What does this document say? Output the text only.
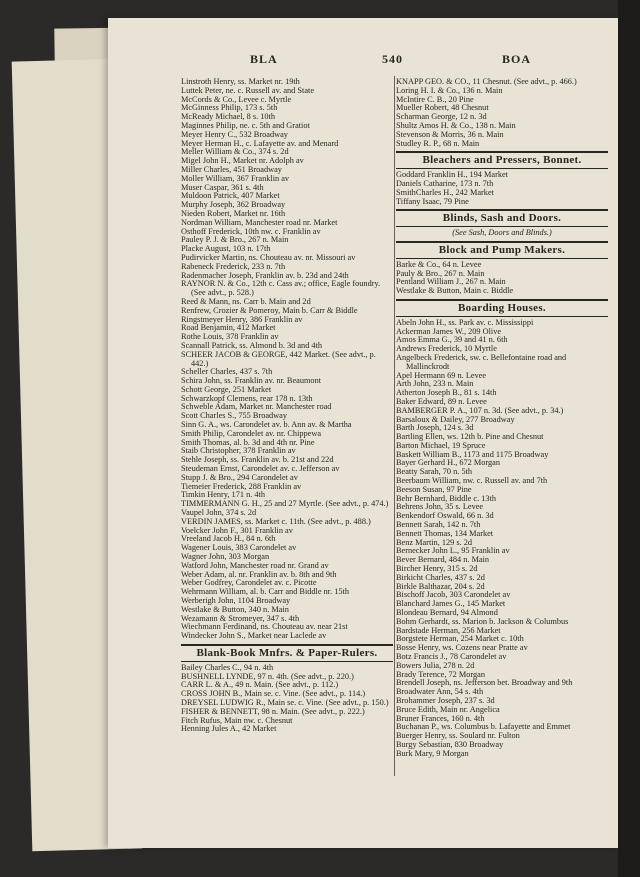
BLA	540	BOA
Linstroth Henry, ss. Market nr. 19th
Luttek Peter, ne. c. Russell av. and State
McCords & Co., Levee c. Myrtle
McGinness Philip, 173 s. 5th
McReady Michael, 8 s. 10th
Maginnes Philip, ne. c. 5th and Gratiot
Meyer Henry C., 532 Broadway
Meyer Herman H., c. Lafayette av. and Menard
Meller William & Co., 374 s. 2d
Migel John H., Market nr. Adolph av
Miller Charles, 451 Broadway
Moller William, 367 Franklin av
Muser Caspar, 361 s. 4th
Muldoon Patrick, 407 Market
Murphy Joseph, 362 Broadway
Nieden Robert, Market nr. 16th
Nordman William, Manchester road nr. Market
Osthoff Frederick, 10th nw. c. Franklin av
Pauley P. J. & Bro., 267 n. Main
Placke August, 103 n. 17th
Pudirvicker Martin, ns. Chouteau av. nr. Missouri av
Rabeneck Frederick, 233 n. 7th
Radenmacher Joseph, Franklin av. b. 23d and 24th
RAYNOR N. & Co., 12th c. Cass av.; office, Eagle foundry. (See advt., p. 528.)
Reed & Mann, ns. Carr b. Main and 2d
Renfrew, Crozier & Pomeroy, Main b. Carr & Biddle
Ringstmeyer Henry, 386 Franklin av
Road Benjamin, 412 Market
Rothe Louis, 378 Franklin av
Scannall Patrick, ss. Almond b. 3d and 4th
SCHEER JACOB & GEORGE, 442 Market. (See advt., p. 442.)
Scheller Charles, 437 s. 7th
Schira John, ss. Franklin av. nr. Beaumont
Schott George, 251 Market
Schwarzkopf Clemens, rear 178 n. 13th
Schweble Adam, Market nr. Manchester road
Scott Charles S., 755 Broadway
Sinn G. A., ws. Carondelet av. b. Ann av. & Martha
Smith Philip, Carondelet av. nr. Chippewa
Smith Thomas, al. b. 3d and 4th nr. Pine
Staib Christopher, 378 Franklin av
Stehle Joseph, ss. Franklin av. b. 21st and 22d
Steudeman Ernst, Carondelet av. c. Jefferson av
Stupp J. & Bro., 294 Carondelet av
Tiemeier Frederick, 288 Franklin av
Timkin Henry, 171 n. 4th
TIMMERMANN G. H., 25 and 27 Myrtle. (See advt., p. 474.)
Vaupel John, 374 s. 2d
VERDIN JAMES, ss. Market c. 11th. (See advt., p. 488.)
Voelcker John F., 301 Franklin av
Vreeland Jacob H., 84 n. 6th
Wagener Louis, 383 Carondelet av
Wagner John, 303 Morgan
Watford John, Manchester road nr. Grand av
Weber Adam, al. nr. Franklin av. b. 8th and 9th
Weber Godfrey, Carondelet av. c. Picotte
Wehrmann William, al. b. Carr and Biddle nr. 15th
Werberigh John, 1104 Broadway
Westlake & Button, 340 n. Main
Wezamann & Stromeyer, 347 s. 4th
Wiechmann Ferdinand, ns. Chouteau av. near 21st
Windecker John S., Market near Laclede av
Blank-Book Mnfrs. & Paper-Rulers.
Bailey Charles C., 94 n. 4th
BUSHNELL LYNDE, 97 n. 4th. (See advt., p. 220.)
CARR L. & A., 49 n. Main. (See advt., p. 112.)
CROSS JOHN B., Main se. c. Vine. (See advt., p. 114.)
DREYSEL LUDWIG R., Main se. c. Vine. (See advt., p. 150.)
FISHER & BENNETT, 98 n. Main. (See advt., p. 222.)
Fitch Rufus, Main nw. c. Chesnut
Henning Jules A., 42 Market
KNAPP GEO. & CO., 11 Chesnut. (See advt., p. 466.)
Loring H. I. & Co., 136 n. Main
McIntire C. B., 20 Pine
Mueller Robert, 48 Chesnut
Scharman George, 12 n. 3d
Shultz Amos H. & Co., 138 n. Main
Stevenson & Morris, 36 n. Main
Studley R. P., 68 n. Main
Bleachers and Pressers, Bonnet.
Goddard Franklin H., 194 Market
Daniels Catharine, 173 n. 7th
SmithCharles H., 242 Market
Tiffany Isaac, 79 Pine
Blinds, Sash and Doors.
(See Sash, Doors and Blinds.)
Block and Pump Makers.
Barke & Co., 64 n. Levee
Pauly & Bro., 267 n. Main
Pentland William J., 267 n. Main
Westlake & Button, Main c. Biddle
Boarding Houses.
Abeln John H., ss. Park av. c. Mississippi
Ackerman James W., 209 Olive
Amos Emma G., 39 and 41 n. 6th
Andrews Frederick, 10 Myrtle
Angelbeck Frederick, sw. c. Bellefontaine road and Mallinckrodt
Apel Hermann 69 n. Levee
Arth John, 233 n. Main
Atherton Joseph B., 81 s. 14th
Baker Edward, 89 n. Levee
BAMBERGER P. A., 107 n. 3d. (See advt., p. 34.)
Barsaloux & Dailey, 277 Broadway
Barth Joseph, 124 s. 3d
Bartling Ellen, ws. 12th b. Pine and Chesnut
Barton Michael, 19 Spruce
Baskett William B., 1173 and 1175 Broadway
Bayer Gerhard H., 672 Morgan
Beatty Sarah, 70 n. 5th
Beerbaum William, nw. c. Russell av. and 7th
Beeson Susan, 97 Pine
Behr Bernhard, Biddle c. 13th
Behrens John, 35 s. Levee
Benkendorf Oswald, 66 n. 3d
Bennett Sarah, 142 n. 7th
Bennett Thomas, 134 Market
Benz Martin, 129 s. 2d
Bernecker John L., 95 Franklin av
Bever Bernard, 484 n. Main
Bircher Henry, 315 s. 2d
Birkicht Charles, 437 s. 2d
Birkle Balthazar, 204 s. 2d
Bischoff Jacob, 303 Carondelet av
Blanchard James G., 145 Market
Blondeau Bernard, 94 Almond
Bohm Gerhardt, ss. Marion b. Jackson & Columbus
Bardstade Herman, 256 Market
Borgstete Herman, 254 Market c. 10th
Bosse Henry, ws. Cozens near Pratte av
Botz Francis J., 78 Carondelet av
Bowers Julia, 278 n. 2d
Brady Terence, 72 Morgan
Brendell Joseph, ns. Jefferson bet. Broadway and 9th
Broadwater Ann, 54 s. 4th
Brohammer Joseph, 237 s. 3d
Bruce Edith, Main nr. Angelica
Bruner Frances, 160 n. 4th
Buchanan P., ws. Columbus b. Lafayette and Emmet
Buerger Henry, ss. Soulard nr. Fulton
Burgy Sebastian, 830 Broadway
Burk Mary, 9 Morgan
